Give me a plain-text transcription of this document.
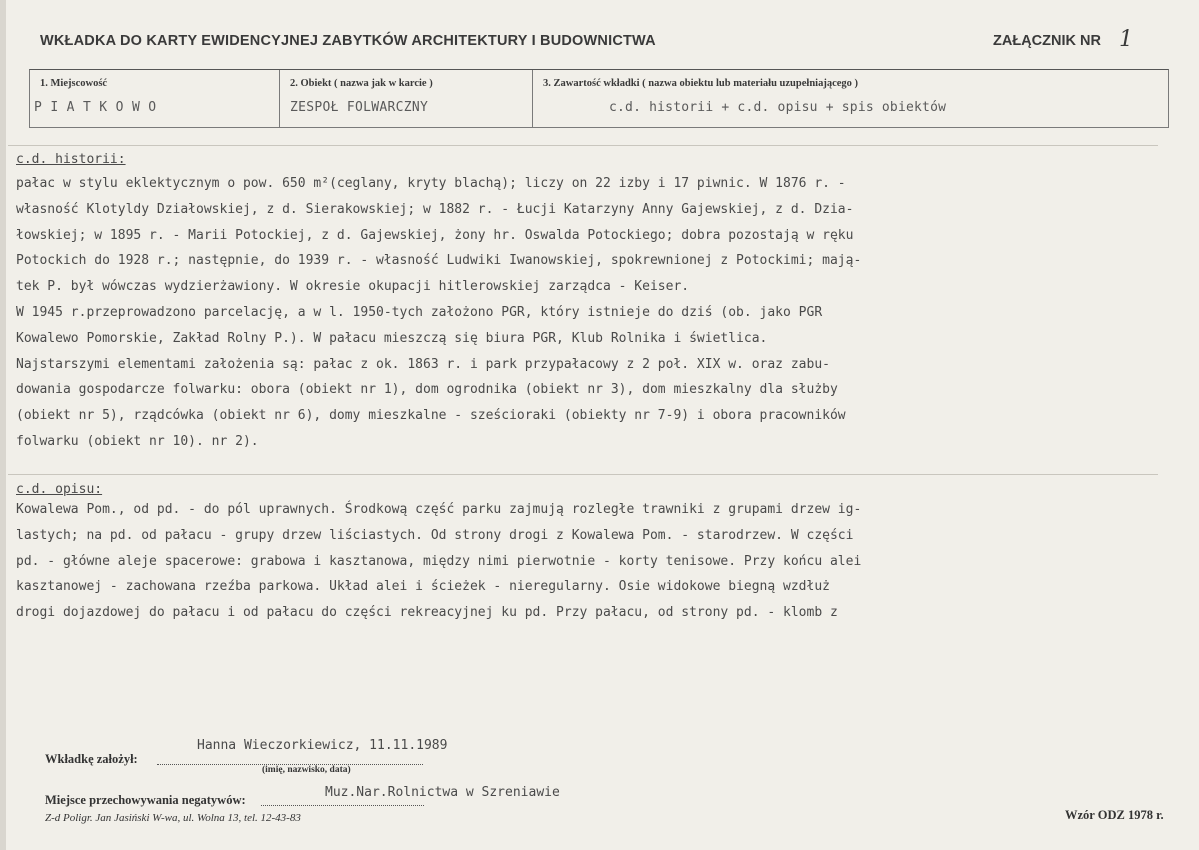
WKŁADKA DO KARTY EWIDENCYJNEJ ZABYTKÓW ARCHITEKTURY I BUDOWNICTWA	ZAŁĄCZNIK NR 1
1. Miejscowość
PIATKOWO
2. Obiekt ( nazwa jak w karcie )
ZESPOŁ FOLWARCZNY
3. Zawartość wkładki ( nazwa obiektu lub materiału uzupełniającego )
c.d. historii + c.d. opisu + spis obiektów
c.d. historii:
pałac w stylu eklektycznym o pow. 650 m²(ceglany, kryty blachą); liczy on 22 izby i 17 piwnic. W 1876 r. -
własność Klotyldy Działowskiej, z d. Sierakowskiej; w 1882 r. - Łucji Katarzyny Anny Gajewskiej, z d. Dzia-
łowskiej; w 1895 r. - Marii Potockiej, z d. Gajewskiej, żony hr. Oswalda Potockiego; dobra pozostają w ręku
Potockich do 1928 r.; następnie, do 1939 r. - własność Ludwiki Iwanowskiej, spokrewnionej z Potockimi; mają-
tek P. był wówczas wydzierżawiony. W okresie okupacji hitlerowskiej zarządca - Keiser.
W 1945 r.przeprowadzono parcelację, a w l. 1950-tych założono PGR, który istnieje do dziś (ob. jako PGR
Kowalewo Pomorskie, Zakład Rolny P.). W pałacu mieszczą się biura PGR, Klub Rolnika i świetlica.
Najstarszymi elementami założenia są: pałac z ok. 1863 r. i park przypałacowy z 2 poł. XIX w. oraz zabu-
dowania gospodarcze folwarku: obora (obiekt nr 1), dom ogrodnika (obiekt nr 3), dom mieszkalny dla służby
(obiekt nr 5), rządcówka (obiekt nr 6), domy mieszkalne - sześcioraki (obiekty nr 7-9) i obora pracowników
folwarku (obiekt nr 10). nr 2).
c.d. opisu:
Kowalewa Pom., od pd. - do pól uprawnych. Środkową część parku zajmują rozległe trawniki z grupami drzew ig-
lastych; na pd. od pałacu - grupy drzew liściastych. Od strony drogi z Kowalewa Pom. - starodrzew. W części
pd. - główne aleje spacerowe: grabowa i kasztanowa, między nimi pierwotnie - korty tenisowe. Przy końcu alei
kasztanowej - zachowana rzeźba parkowa. Układ alei i ścieżek - nieregularny. Osie widokowe biegną wzdłuż
drogi dojazdowej do pałacu i od pałacu do części rekreacyjnej ku pd. Przy pałacu, od strony pd. - klomb z
Hanna Wieczorkiewicz, 11.11.1989
Wkładkę założył:
(imię, nazwisko, data)
Muz.Nar.Rolnictwa w Szreniawie
Miejsce przechowywania negatywów:
Z-d Poligr. Jan Jasiński W-wa, ul. Wolna 13, tel. 12-43-83	Wzór ODZ 1978 r.
